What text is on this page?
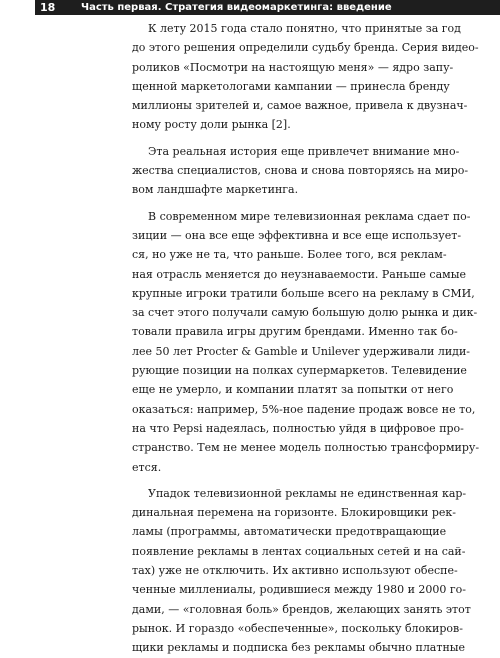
18	Часть первая. Стратегия видеомаркетинга: введение
К лету 2015 года стало понятно, что принятые за год
до этого решения определили судьбу бренда. Серия видео-
роликов «Посмотри на настоящую меня» — ядро запу-
щенной маркетологами кампании — принесла бренду
миллионы зрителей и, самое важное, привела к двузнач-
ному росту доли рынка [2].
Эта реальная история еще привлечет внимание мно-
жества специалистов, снова и снова повторяясь на миро-
вом ландшафте маркетинга.
В современном мире телевизионная реклама сдает по-
зиции — она все еще эффективна и все еще использует-
ся, но уже не та, что раньше. Более того, вся реклам-
ная отрасль меняется до неузнаваемости. Раньше самые
крупные игроки тратили больше всего на рекламу в СМИ,
за счет этого получали самую большую долю рынка и дик-
товали правила игры другим брендами. Именно так бо-
лее 50 лет Procter & Gamble и Unilever удерживали лиди-
рующие позиции на полках супермаркетов. Телевидение
еще не умерло, и компании платят за попытки от него
оказаться: например, 5%-ное падение продаж вовсе не то,
на что Pepsi надеялась, полностью уйдя в цифровое про-
странство. Тем не менее модель полностью трансформиру-
ется.
Упадок телевизионной рекламы не единственная кар-
динальная перемена на горизонте. Блокировщики рек-
ламы (программы, автоматически предотвращающие
появление рекламы в лентах социальных сетей и на сай-
тах) уже не отключить. Их активно используют обеспе-
ченные миллениалы, родившиеся между 1980 и 2000 го-
дами, — «головная боль» брендов, желающих занять этот
рынок. И гораздо «обеспеченные», поскольку блокиров-
щики рекламы и подписка без рекламы обычно платные
